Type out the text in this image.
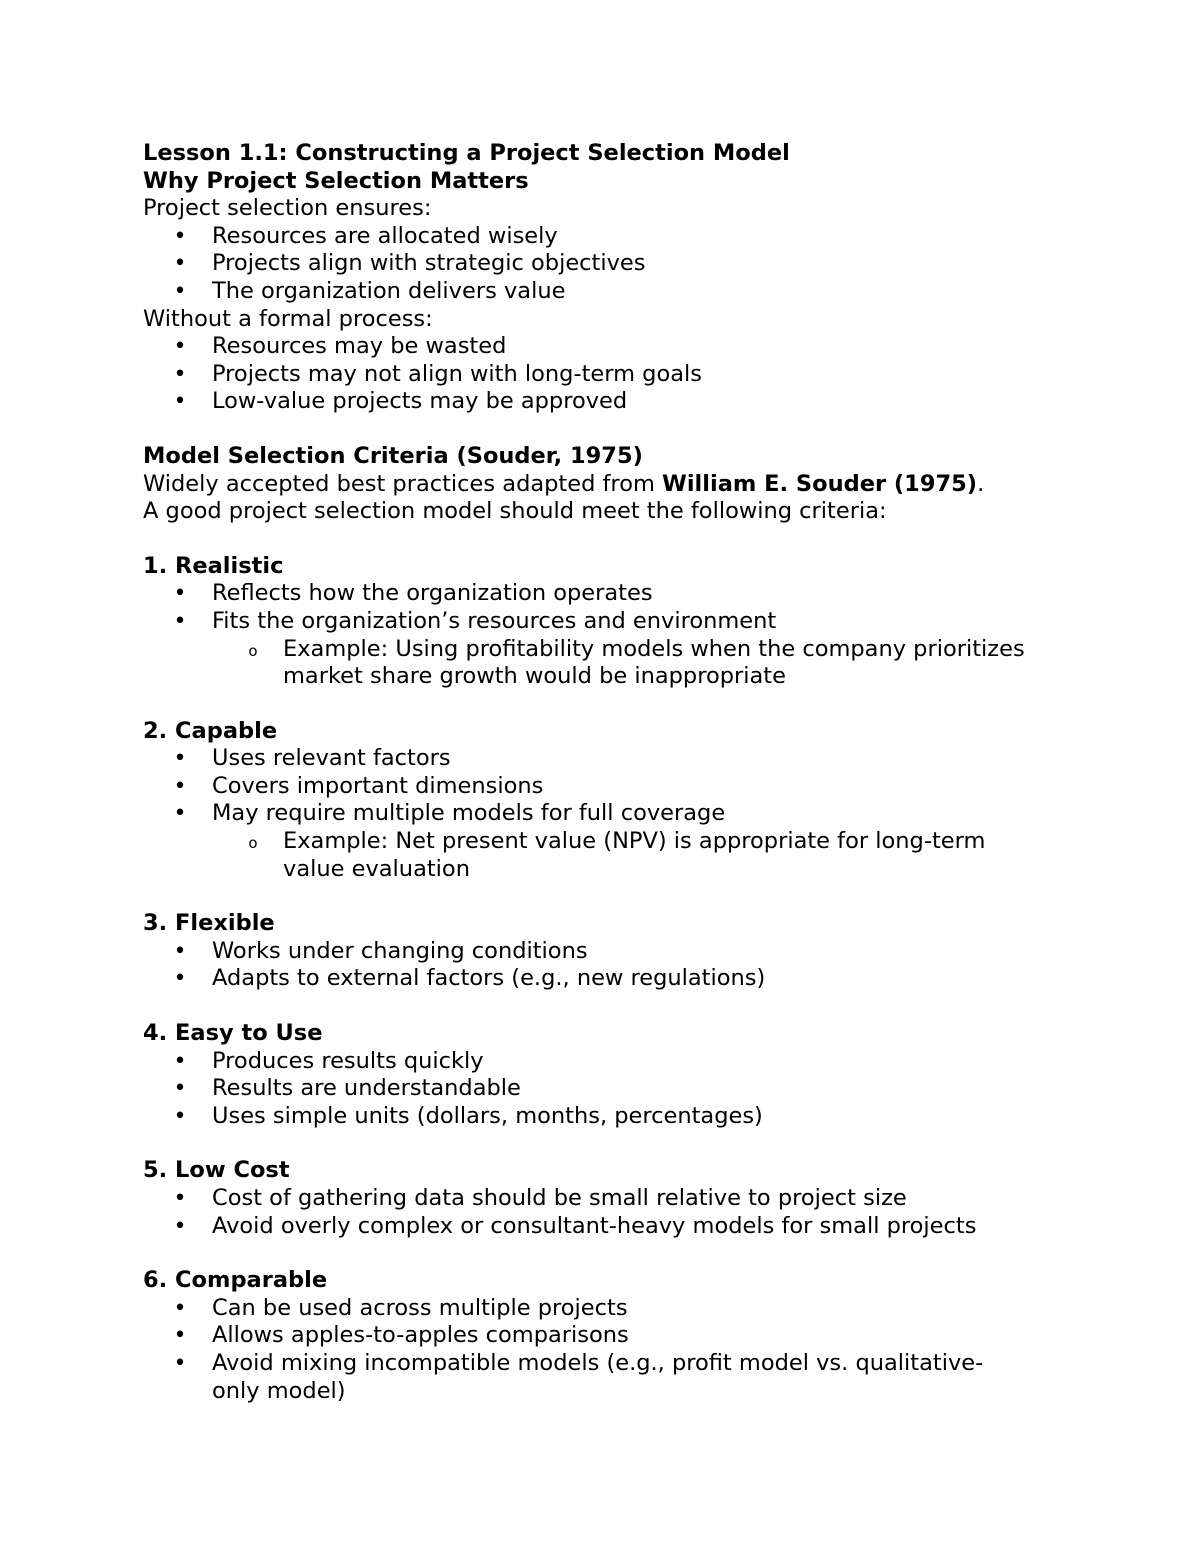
Lesson 1.1: Constructing a Project Selection Model
Why Project Selection Matters
Project selection ensures:
• Resources are allocated wisely
• Projects align with strategic objectives
• The organization delivers value
Without a formal process:
• Resources may be wasted
• Projects may not align with long-term goals
• Low-value projects may be approved
Model Selection Criteria (Souder, 1975)
Widely accepted best practices adapted from William E. Souder (1975).
A good project selection model should meet the following criteria:
1. Realistic
• Reflects how the organization operates
• Fits the organization’s resources and environment
o Example: Using profitability models when the company prioritizes
market share growth would be inappropriate
2. Capable
• Uses relevant factors
• Covers important dimensions
• May require multiple models for full coverage
o Example: Net present value (NPV) is appropriate for long-term
value evaluation
3. Flexible
• Works under changing conditions
• Adapts to external factors (e.g., new regulations)
4. Easy to Use
• Produces results quickly
• Results are understandable
• Uses simple units (dollars, months, percentages)
5. Low Cost
• Cost of gathering data should be small relative to project size
• Avoid overly complex or consultant-heavy models for small projects
6. Comparable
• Can be used across multiple projects
• Allows apples-to-apples comparisons
• Avoid mixing incompatible models (e.g., profit model vs. qualitative-
only model)
